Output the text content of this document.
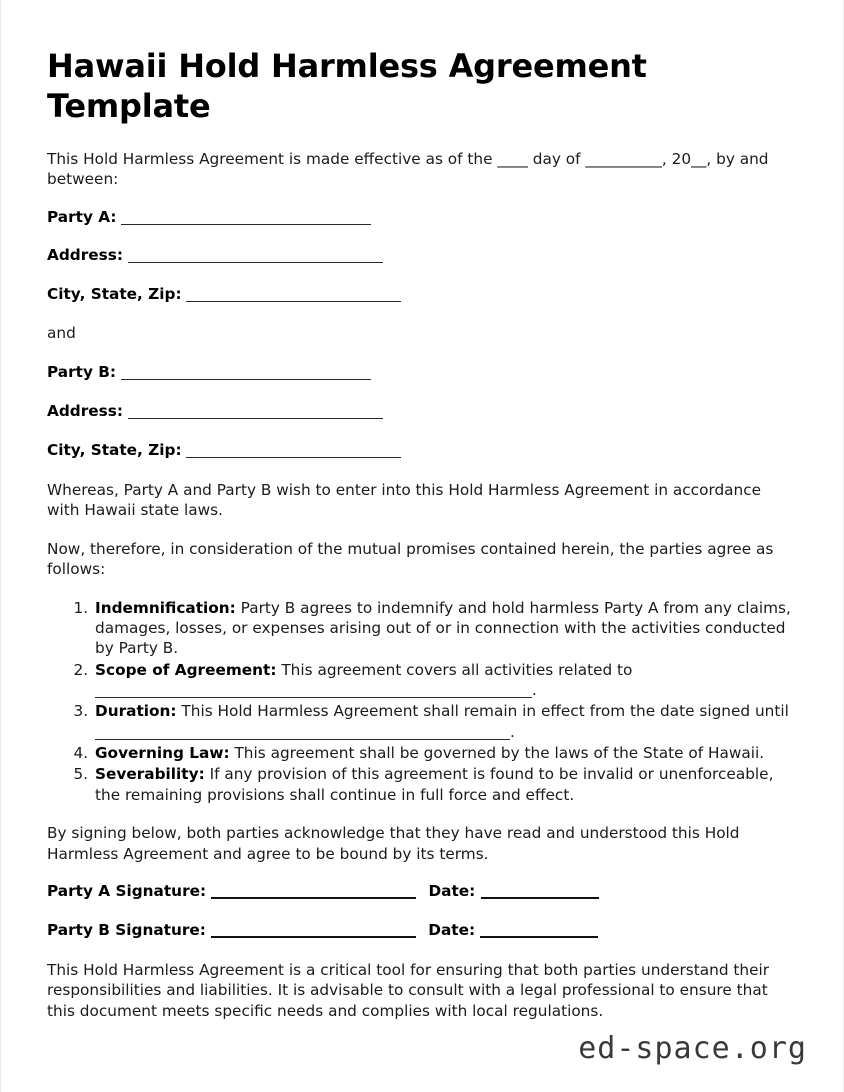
Hawaii Hold Harmless Agreement Template

This Hold Harmless Agreement is made effective as of the ____ day of __________, 20__, by and between:

Party A:
Address:
City, State, Zip:
and
Party B:
Address:
City, State, Zip:

Whereas, Party A and Party B wish to enter into this Hold Harmless Agreement in accordance with Hawaii state laws.

Now, therefore, in consideration of the mutual promises contained herein, the parties agree as follows:

1. Indemnification: Party B agrees to indemnify and hold harmless Party A from any claims, damages, losses, or expenses arising out of or in connection with the activities conducted by Party B.
2. Scope of Agreement: This agreement covers all activities related to .
3. Duration: This Hold Harmless Agreement shall remain in effect from the date signed until .
4. Governing Law: This agreement shall be governed by the laws of the State of Hawaii.
5. Severability: If any provision of this agreement is found to be invalid or unenforceable, the remaining provisions shall continue in full force and effect.

By signing below, both parties acknowledge that they have read and understood this Hold Harmless Agreement and agree to be bound by its terms.

Party A Signature:	Date:
Party B Signature:	Date:

This Hold Harmless Agreement is a critical tool for ensuring that both parties understand their responsibilities and liabilities. It is advisable to consult with a legal professional to ensure that this document meets specific needs and complies with local regulations.

ed-space.org
